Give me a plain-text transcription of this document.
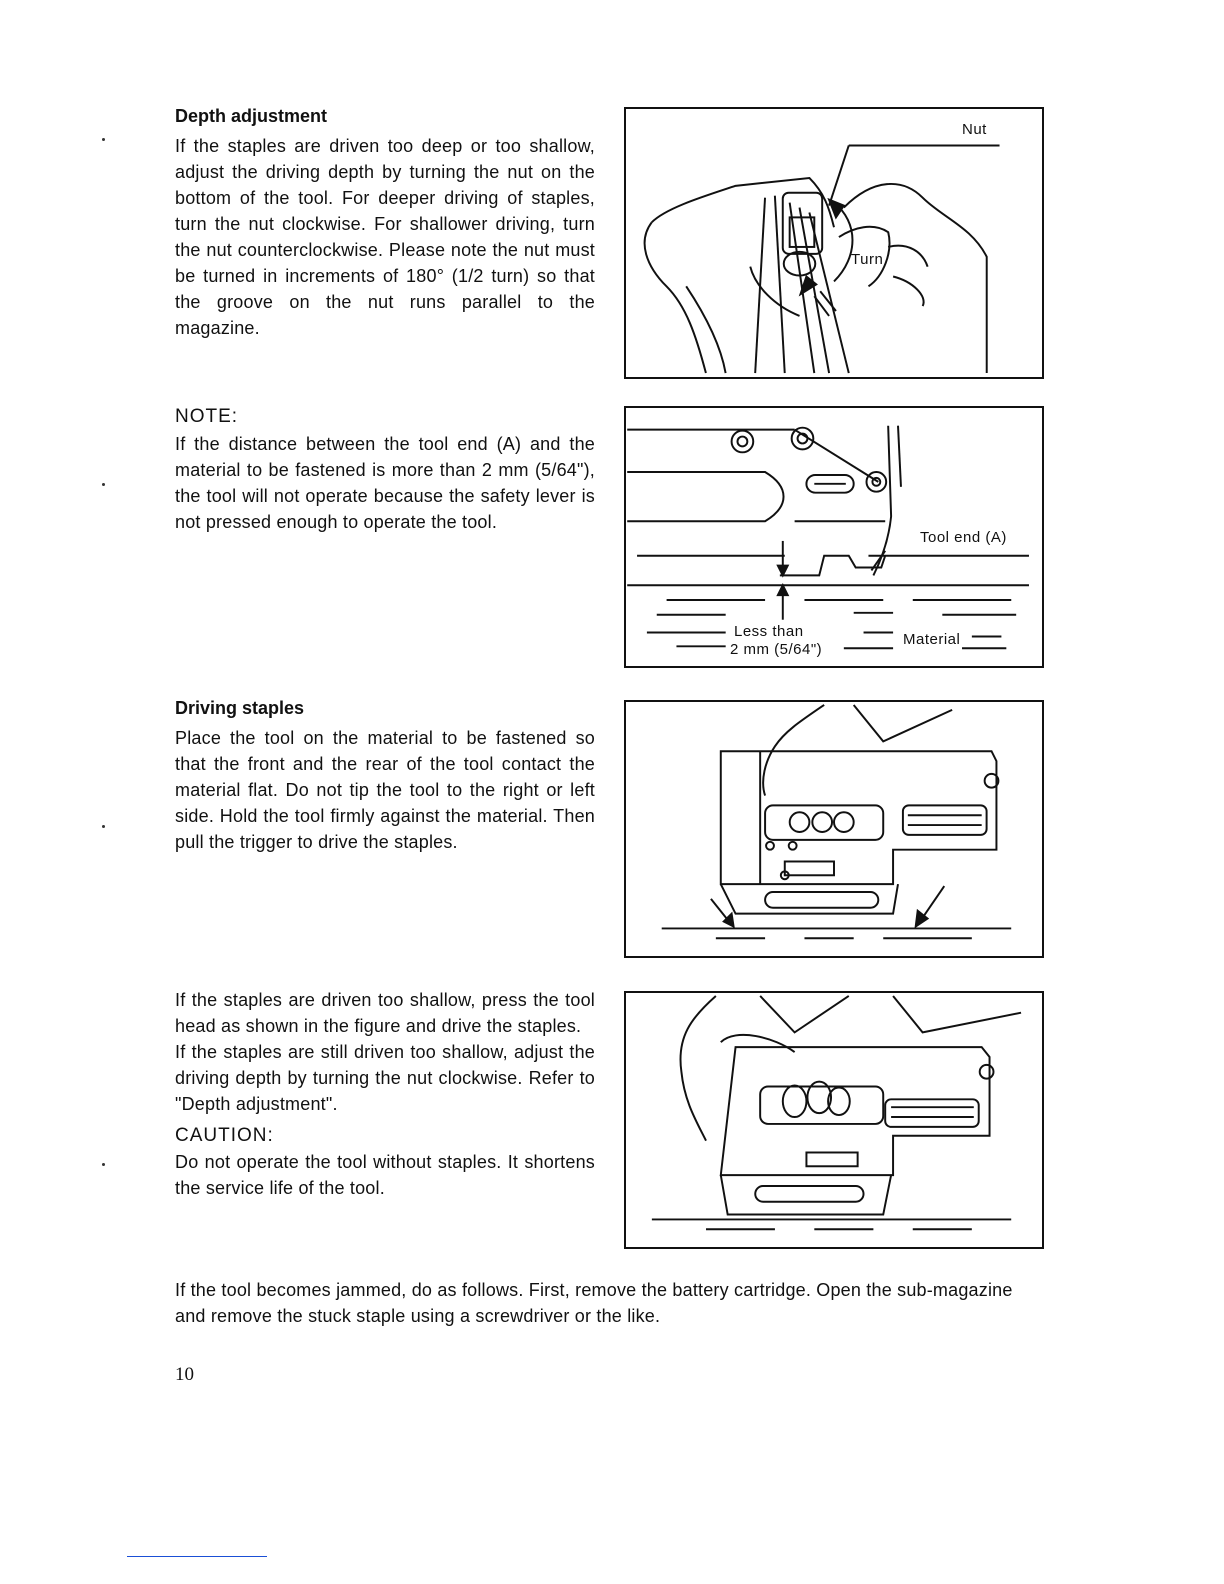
Depth adjustment

If the staples are driven too deep or too shallow, adjust the driving depth by turning the nut on the bottom of the tool. For deeper driving of staples, turn the nut clockwise. For shallower driving, turn the nut counterclockwise. Please note the nut must be turned in increments of 180° (1/2 turn) so that the groove on the nut runs parallel to the magazine.

NOTE:

If the distance between the tool end (A) and the material to be fastened is more than 2 mm (5/64"), the tool will not operate because the safety lever is not pressed enough to operate the tool.

Driving staples

Place the tool on the material to be fastened so that the front and the rear of the tool contact the material flat. Do not tip the tool to the right or left side. Hold the tool firmly against the material. Then pull the trigger to drive the staples.

If the staples are driven too shallow, press the tool head as shown in the figure and drive the staples.

If the staples are still driven too shallow, adjust the driving depth by turning the nut clockwise. Refer to "Depth adjustment".

CAUTION:

Do not operate the tool without staples. It shortens the service life of the tool.

If the tool becomes jammed, do as follows. First, remove the battery cartridge. Open the sub-magazine and remove the stuck staple using a screwdriver or the like.

10
Nut
Turn
Tool end (A)
Less than
2 mm (5/64")
Material
